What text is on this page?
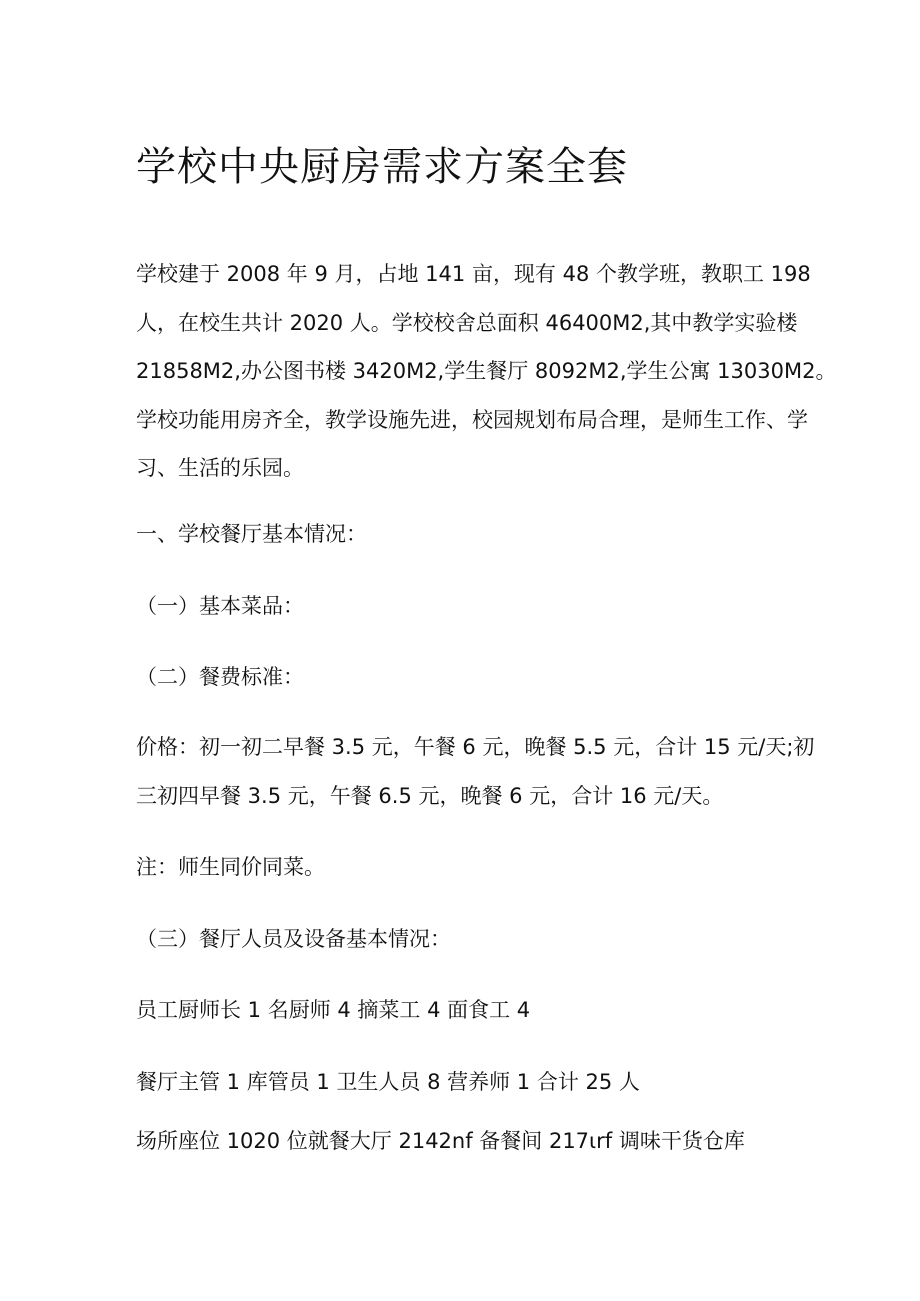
学校中央厨房需求方案全套
学校建于 2008 年 9 月，占地 141 亩，现有 48 个教学班，教职工 198
人，在校生共计 2020 人。学校校舍总面积 46400M2,其中教学实验楼
21858M2,办公图书楼 3420M2,学生餐厅 8092M2,学生公寓 13030M2。
学校功能用房齐全，教学设施先进，校园规划布局合理，是师生工作、学
习、生活的乐园。

一、学校餐厅基本情况：

（一）基本菜品：

（二）餐费标准：

价格：初一初二早餐 3.5 元，午餐 6 元，晚餐 5.5 元，合计 15 元/天;初
三初四早餐 3.5 元，午餐 6.5 元，晚餐 6 元，合计 16 元/天。

注：师生同价同菜。

（三）餐厅人员及设备基本情况：

员工厨师长 1 名厨师 4 摘菜工 4 面食工 4

餐厅主管 1 库管员 1 卫生人员 8 营养师 1 合计 25 人

场所座位 1020 位就餐大厅 2142nf 备餐间 217ιrf 调味干货仓库
